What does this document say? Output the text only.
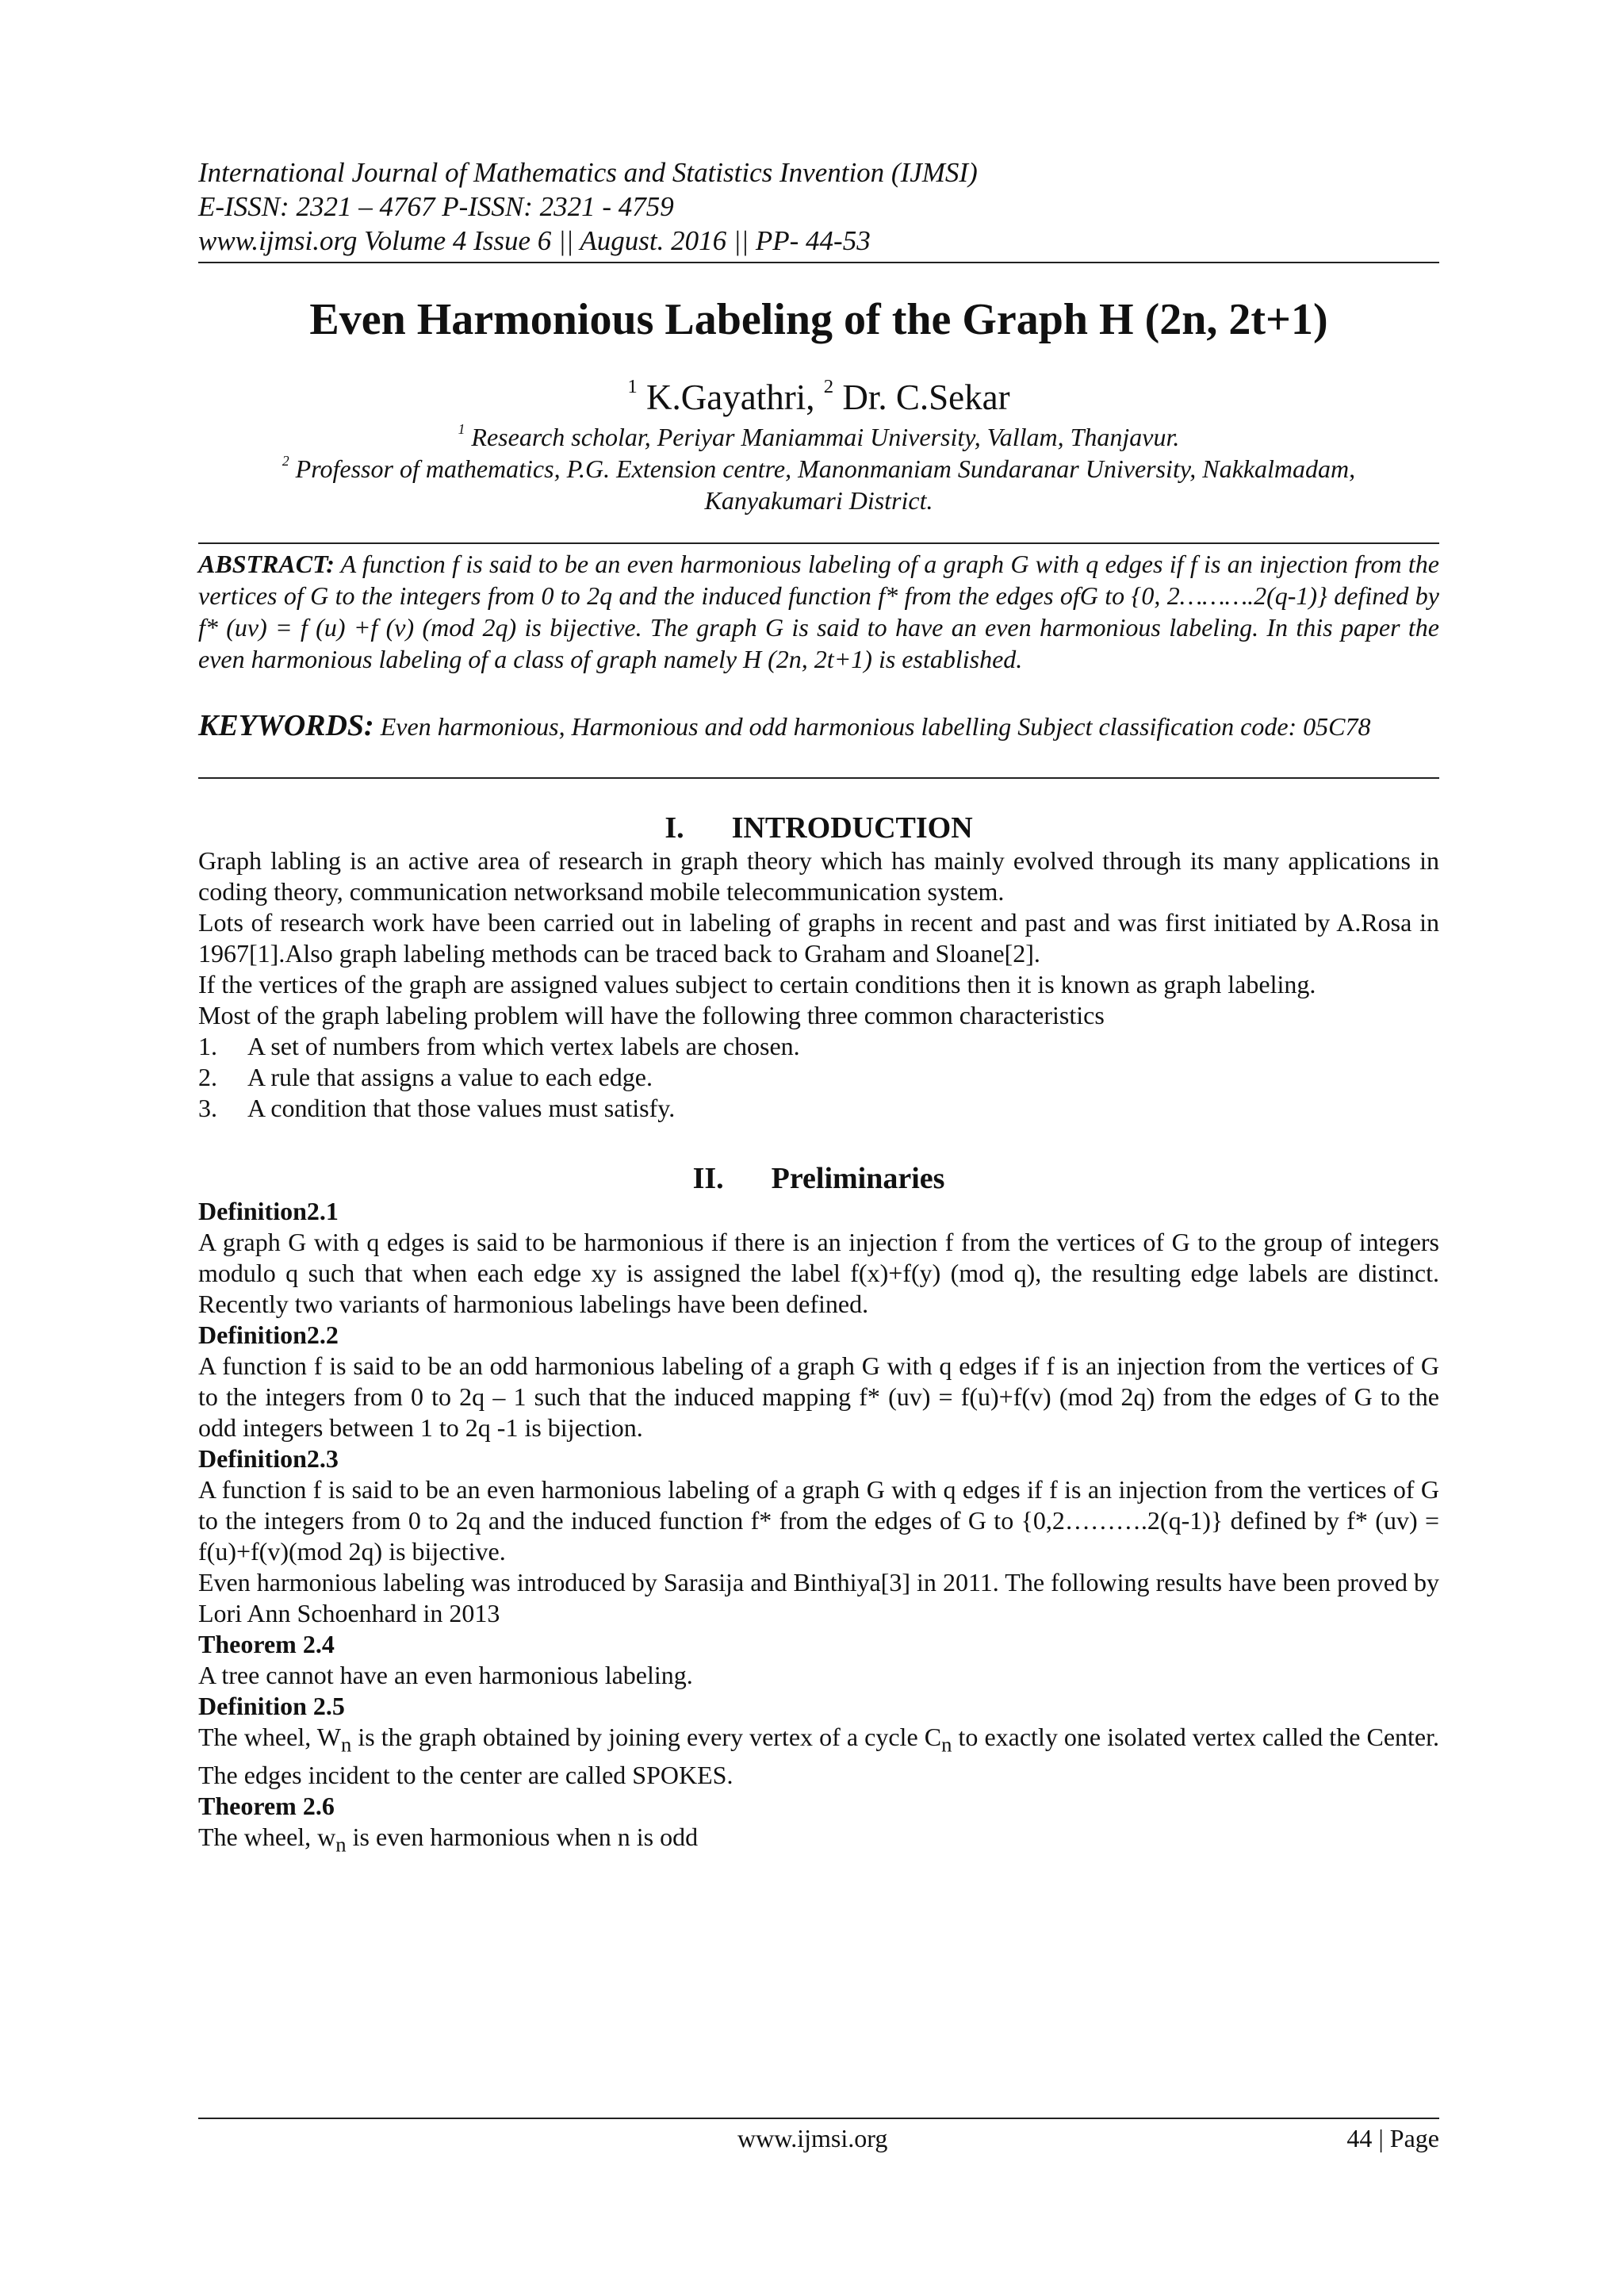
International Journal of Mathematics and Statistics Invention (IJMSI)
E-ISSN: 2321 – 4767 P-ISSN: 2321 - 4759
www.ijmsi.org Volume 4 Issue 6 || August. 2016 || PP- 44-53
Even Harmonious Labeling of the Graph H (2n, 2t+1)
$^1$ K.Gayathri, $^2$ Dr. C.Sekar
$^1$ Research scholar, Periyar Maniammai University, Vallam, Thanjavur.
$^2$ Professor of mathematics, P.G. Extension centre, Manonmaniam Sundaranar University, Nakkalmadam,
Kanyakumari District.
ABSTRACT: A function f is said to be an even harmonious labeling of a graph G with q edges if f is an injection from the vertices of G to the integers from 0 to 2q and the induced function f* from the edges ofG to {0, 2……….2(q-1)} defined by f* (uv) = f (u) +f (v) (mod 2q) is bijective. The graph G is said to have an even harmonious labeling. In this paper the even harmonious labeling of a class of graph namely H (2n, 2t+1) is established.
KEYWORDS: Even harmonious, Harmonious and odd harmonious labelling Subject classification code: 05C78
I. INTRODUCTION

Graph labling is an active area of research in graph theory which has mainly evolved through its many applications in coding theory, communication networksand mobile telecommunication system.

Lots of research work have been carried out in labeling of graphs in recent and past and was first initiated by A.Rosa in 1967[1].Also graph labeling methods can be traced back to Graham and Sloane[2].

If the vertices of the graph are assigned values subject to certain conditions then it is known as graph labeling.

Most of the graph labeling problem will have the following three common characteristics

1.	A set of numbers from which vertex labels are chosen.
2.	A rule that assigns a value to each edge.
3.	A condition that those values must satisfy.
II. Preliminaries

Definition2.1

A graph G with q edges is said to be harmonious if there is an injection f from the vertices of G to the group of integers modulo q such that when each edge xy is assigned the label f(x)+f(y) (mod q), the resulting edge labels are distinct. Recently two variants of harmonious labelings have been defined.

Definition2.2

A function f is said to be an odd harmonious labeling of a graph G with q edges if f is an injection from the vertices of G to the integers from 0 to 2q – 1 such that the induced mapping f* (uv) = f(u)+f(v) (mod 2q) from the edges of G to the odd integers between 1 to 2q -1 is bijection.

Definition2.3

A function f is said to be an even harmonious labeling of a graph G with q edges if f is an injection from the vertices of G to the integers from 0 to 2q and the induced function f* from the edges of G to {0,2……….2(q-1)} defined by f* (uv) = f(u)+f(v)(mod 2q) is bijective.

Even harmonious labeling was introduced by Sarasija and Binthiya[3] in 2011. The following results have been proved by Lori Ann Schoenhard in 2013

Theorem 2.4

A tree cannot have an even harmonious labeling.

Definition 2.5

The wheel, $W_n$ is the graph obtained by joining every vertex of a cycle $C_n$ to exactly one isolated vertex called the Center. The edges incident to the center are called SPOKES.

Theorem 2.6

The wheel, $w_n$ is even harmonious when n is odd

www.ijmsi.org	44 | Page
